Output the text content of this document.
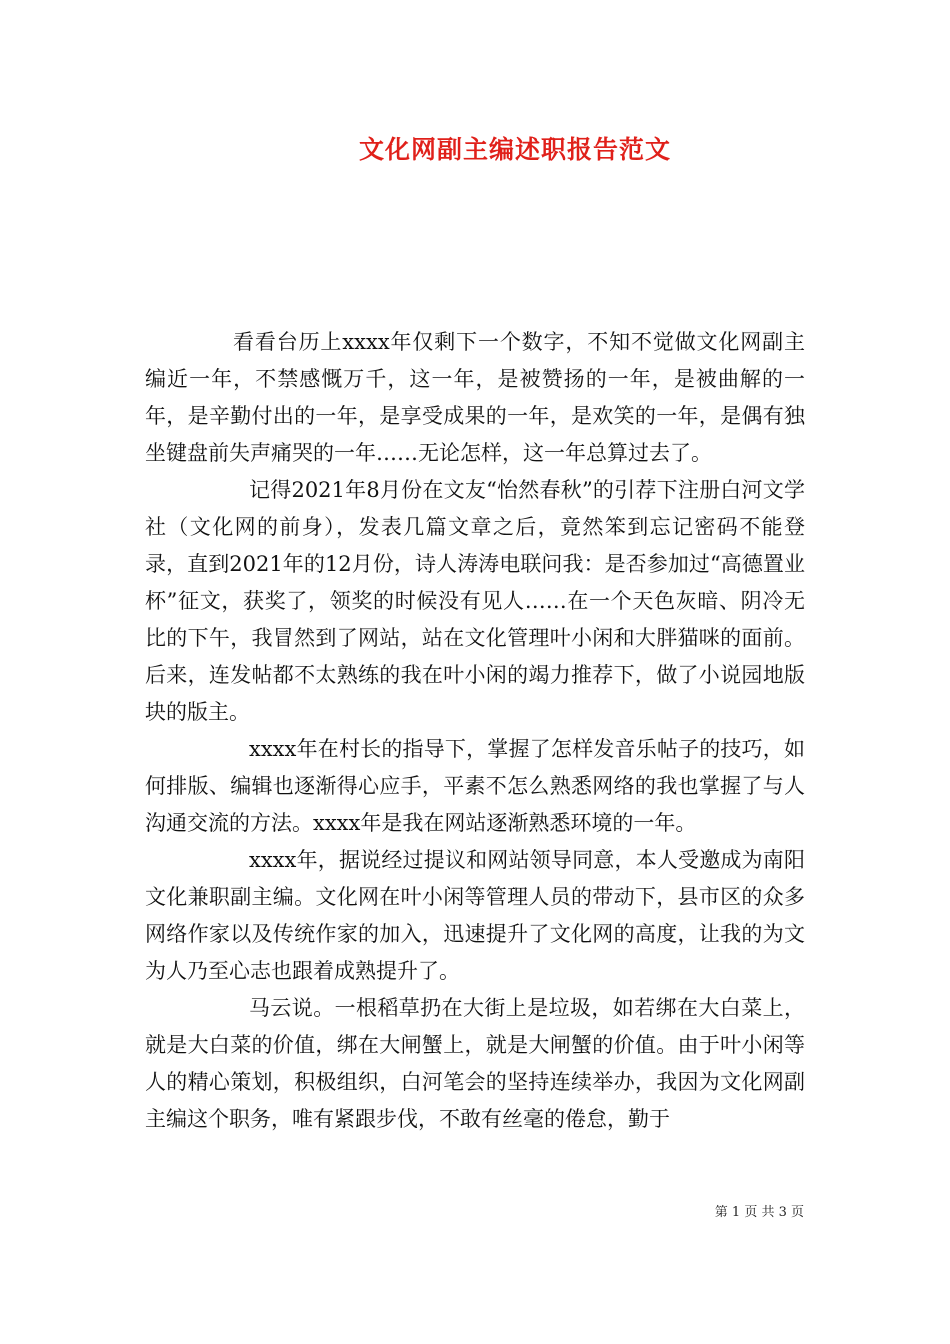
文化网副主编述职报告范文

看看台历上xxxx年仅剩下一个数字，不知不觉做文化网副主编近一年，不禁感慨万千，这一年，是被赞扬的一年，是被曲解的一年，是辛勤付出的一年，是享受成果的一年，是欢笑的一年，是偶有独坐键盘前失声痛哭的一年……无论怎样，这一年总算过去了。

记得2021年8月份在文友“怡然春秋”的引荐下注册白河文学社（文化网的前身），发表几篇文章之后，竟然笨到忘记密码不能登录，直到2021年的12月份，诗人涛涛电联问我：是否参加过“高德置业杯”征文，获奖了，领奖的时候没有见人……在一个天色灰暗、阴冷无比的下午，我冒然到了网站，站在文化管理叶小闲和大胖猫咪的面前。后来，连发帖都不太熟练的我在叶小闲的竭力推荐下，做了小说园地版块的版主。

xxxx年在村长的指导下，掌握了怎样发音乐帖子的技巧，如何排版、编辑也逐渐得心应手，平素不怎么熟悉网络的我也掌握了与人沟通交流的方法。xxxx年是我在网站逐渐熟悉环境的一年。

xxxx年，据说经过提议和网站领导同意，本人受邀成为南阳文化兼职副主编。文化网在叶小闲等管理人员的带动下，县市区的众多网络作家以及传统作家的加入，迅速提升了文化网的高度，让我的为文为人乃至心志也跟着成熟提升了。

马云说。一根稻草扔在大街上是垃圾，如若绑在大白菜上，就是大白菜的价值，绑在大闸蟹上，就是大闸蟹的价值。由于叶小闲等人的精心策划，积极组织，白河笔会的坚持连续举办，我因为文化网副主编这个职务，唯有紧跟步伐，不敢有丝毫的倦怠，勤于

第 1 页 共 3 页
